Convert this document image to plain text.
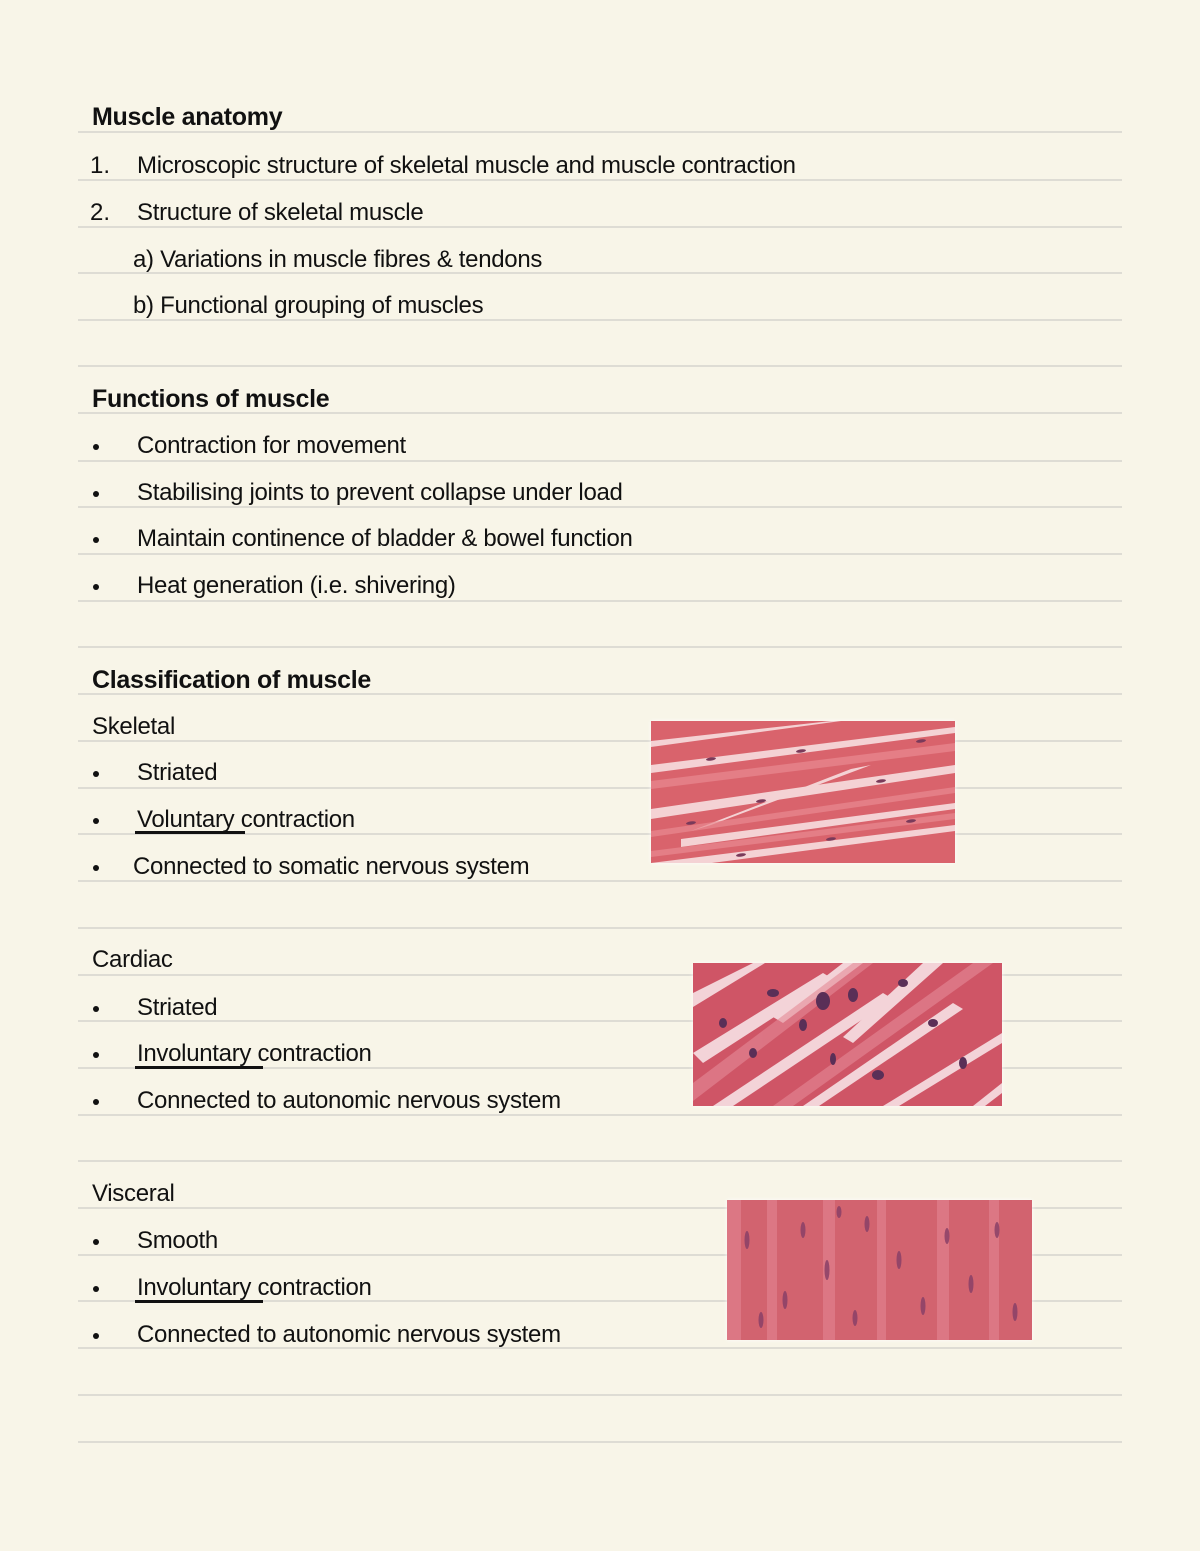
Muscle anatomy
1. Microscopic structure of skeletal muscle and muscle contraction
2. Structure of skeletal muscle
a) Variations in muscle fibres & tendons
b) Functional grouping of muscles
Functions of muscle
Contraction for movement
Stabilising joints to prevent collapse under load
Maintain continence of bladder & bowel function
Heat generation (i.e. shivering)
Classification of muscle
Skeletal
Striated
Voluntary contraction
Connected to somatic nervous system
Cardiac
Striated
Involuntary contraction
Connected to autonomic nervous system
Visceral
Smooth
Involuntary contraction
Connected to autonomic nervous system
